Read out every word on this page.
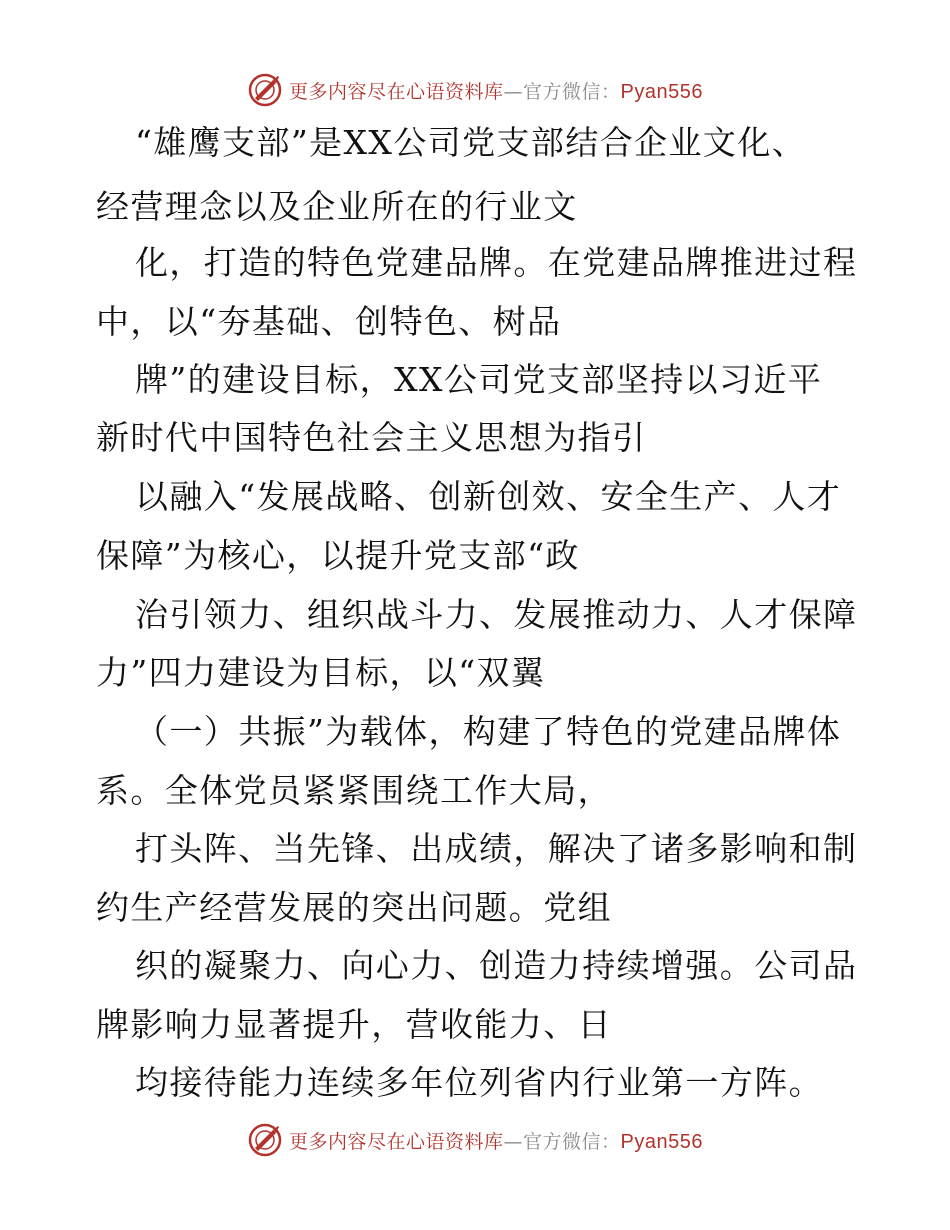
更多内容尽在心语资料库—官方微信：Pyan556
“雄鹰支部”是XX公司党支部结合企业文化、
经营理念以及企业所在的行业文
化，打造的特色党建品牌。在党建品牌推进过程
中，以“夯基础、创特色、树品
牌”的建设目标，XX公司党支部坚持以习近平
新时代中国特色社会主义思想为指引
以融入“发展战略、创新创效、安全生产、人才
保障”为核心，以提升党支部“政
治引领力、组织战斗力、发展推动力、人才保障
力”四力建设为目标，以“双翼
（一）共振”为载体，构建了特色的党建品牌体
系。全体党员紧紧围绕工作大局，
打头阵、当先锋、出成绩，解决了诸多影响和制
约生产经营发展的突出问题。党组
织的凝聚力、向心力、创造力持续增强。公司品
牌影响力显著提升，营收能力、日
均接待能力连续多年位列省内行业第一方阵。
更多内容尽在心语资料库—官方微信：Pyan556
